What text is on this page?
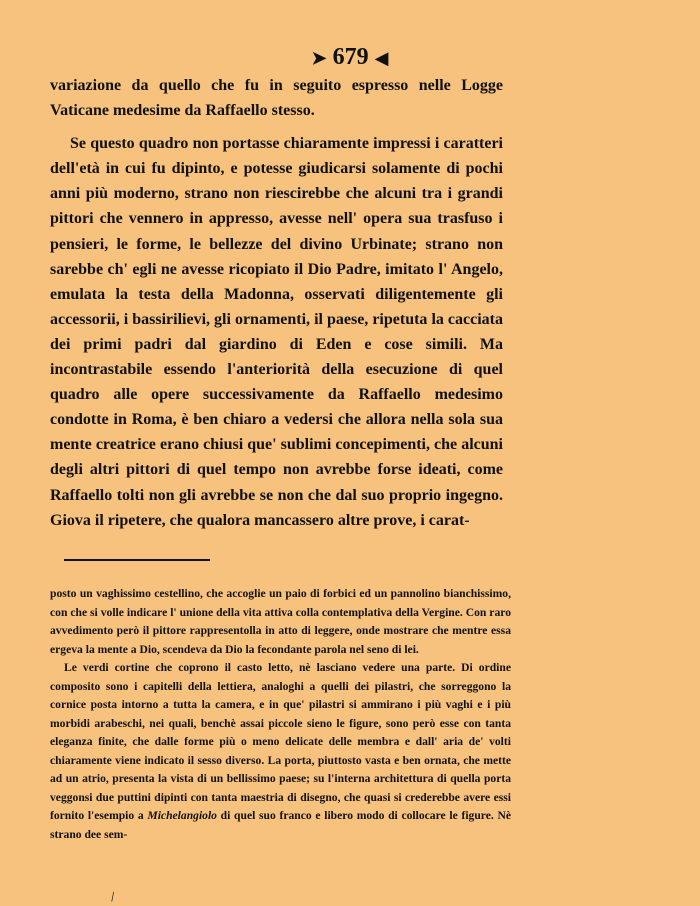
➤ 679 ◀

variazione da quello che fu in seguito espresso nelle Logge Vaticane medesime da Raffaello stesso.

Se questo quadro non portasse chiaramente impressi i caratteri dell'età in cui fu dipinto, e potesse giudicarsi solamente di pochi anni più moderno, strano non riescirebbe che alcuni tra i grandi pittori che vennero in appresso, avesse nell' opera sua trasfuso i pensieri, le forme, le bellezze del divino Urbinate; strano non sarebbe ch' egli ne avesse ricopiato il Dio Padre, imitato l' Angelo, emulata la testa della Madonna, osservati diligentemente gli accessorii, i bassirilievi, gli ornamenti, il paese, ripetuta la cacciata dei primi padri dal giardino di Eden e cose simili. Ma incontrastabile essendo l'anteriorità della esecuzione di quel quadro alle opere successivamente da Raffaello medesimo condotte in Roma, è ben chiaro a vedersi che allora nella sola sua mente creatrice erano chiusi que' sublimi concepimenti, che alcuni degli altri pittori di quel tempo non avrebbe forse ideati, come Raffaello tolti non gli avrebbe se non che dal suo proprio ingegno. Giova il ripetere, che qualora mancassero altre prove, i carat-

posto un vaghissimo cestellino, che accoglie un paio di forbici ed un pannolino bianchissimo, con che si volle indicare l' unione della vita attiva colla contemplativa della Vergine. Con raro avvedimento però il pittore rappresentolla in atto di leggere, onde mostrare che mentre essa ergeva la mente a Dio, scendeva da Dio la fecondante parola nel seno di lei.

Le verdi cortine che coprono il casto letto, nè lasciano vedere una parte. Di ordine composito sono i capitelli della lettiera, analoghi a quelli dei pilastri, che sorreggono la cornice posta intorno a tutta la camera, e in que' pilastri si ammirano i più vaghi e i più morbidi arabeschi, nei quali, benchè assai piccole sieno le figure, sono però esse con tanta eleganza finite, che dalle forme più o meno delicate delle membra e dall' aria de' volti chiaramente viene indicato il sesso diverso. La porta, piuttosto vasta e ben ornata, che mette ad un atrio, presenta la vista di un bellissimo paese; su l'interna architettura di quella porta veggonsi due puttini dipinti con tanta maestria di disegno, che quasi si crederebbe avere essi fornito l'esempio a Michelangiolo di quel suo franco e libero modo di collocare le figure. Nè strano dee sem-

\
